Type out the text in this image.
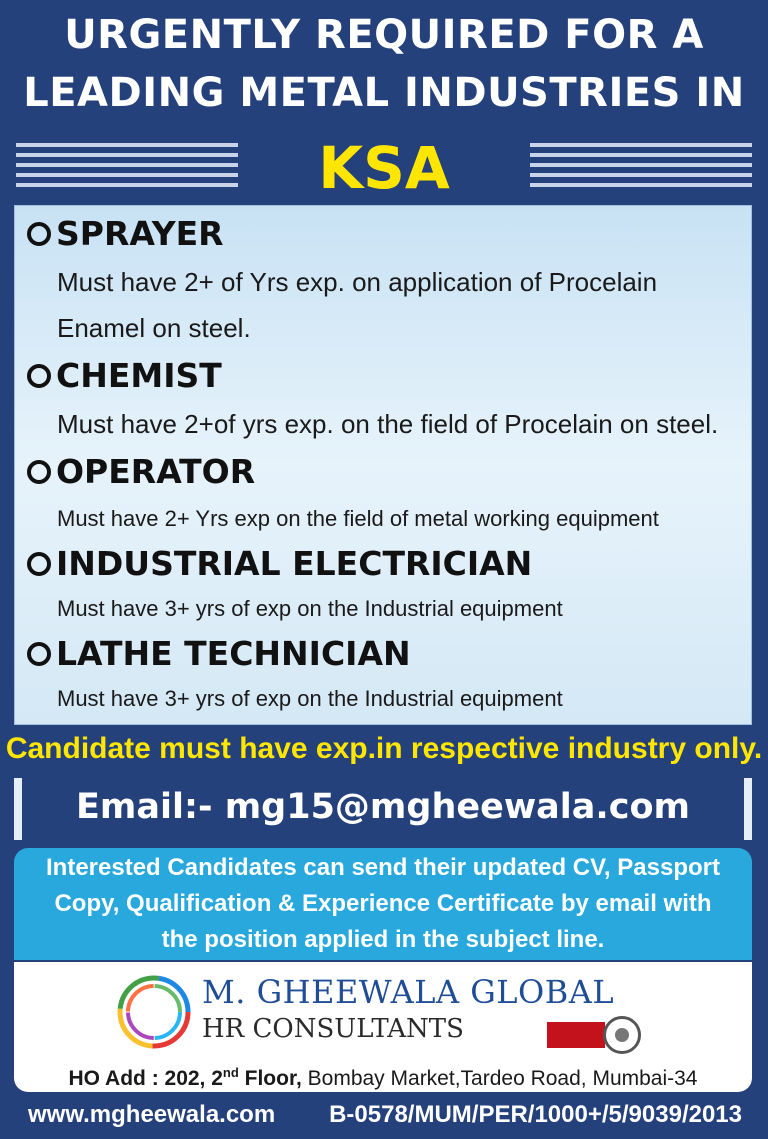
URGENTLY REQUIRED FOR A
LEADING METAL INDUSTRIES IN
KSA
SPRAYER
Must have 2+ of Yrs exp. on application of Procelain
Enamel on steel.
CHEMIST
Must have 2+of yrs exp. on the field of Procelain on steel.
OPERATOR
Must have 2+ Yrs exp on the field of metal working equipment
INDUSTRIAL ELECTRICIAN
Must have 3+ yrs of exp on the Industrial equipment
LATHE TECHNICIAN
Must have 3+ yrs of exp on the Industrial equipment
Candidate must have exp.in respective industry only.
Email:- mg15@mgheewala.com
Interested Candidates can send their updated CV, Passport
Copy, Qualification & Experience Certificate by email with
the position applied in the subject line.
M. GHEEWALA GLOBAL
HR CONSULTANTS
HO Add : 202, 2nd Floor, Bombay Market,Tardeo Road, Mumbai-34
www.mgheewala.com B-0578/MUM/PER/1000+/5/9039/2013
